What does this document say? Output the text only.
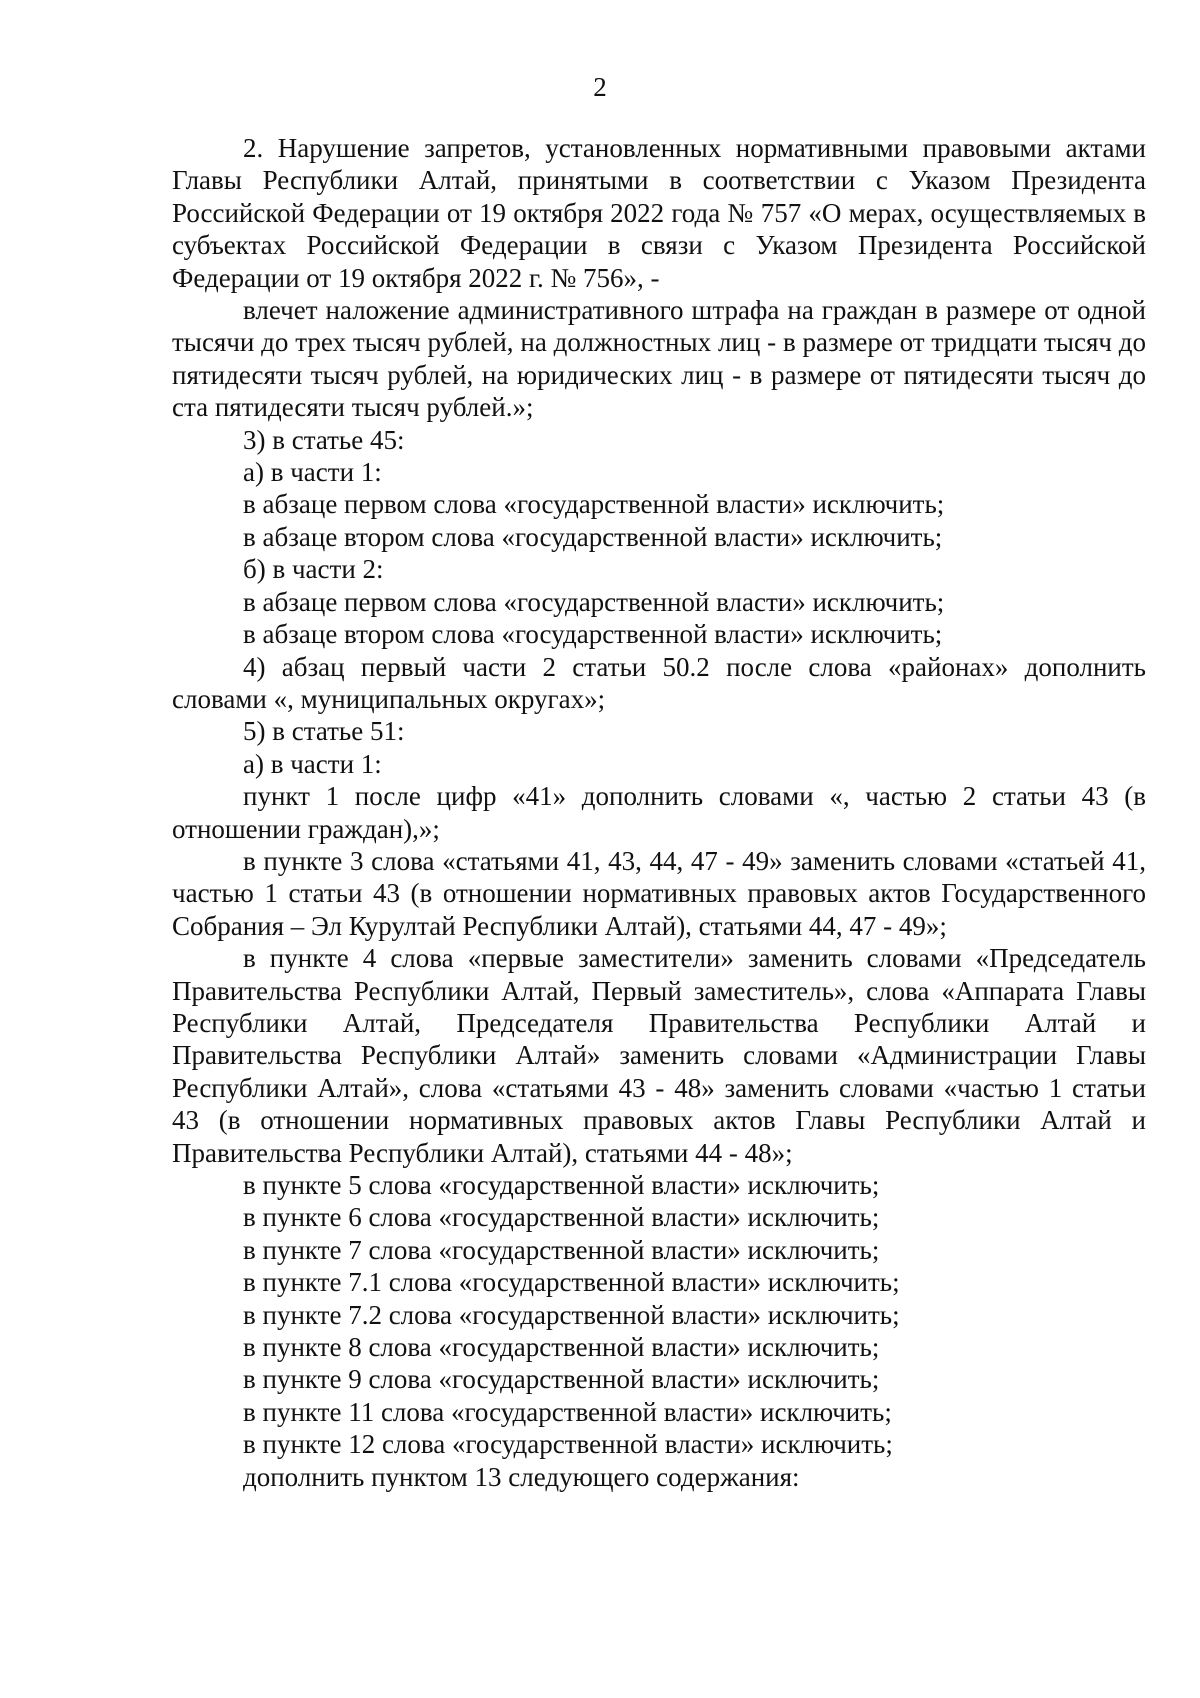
2

2. Нарушение запретов, установленных нормативными правовыми актами Главы Республики Алтай, принятыми в соответствии с Указом Президента Российской Федерации от 19 октября 2022 года № 757 «О мерах, осуществляемых в субъектах Российской Федерации в связи с Указом Президента Российской Федерации от 19 октября 2022 г. № 756», -

влечет наложение административного штрафа на граждан в размере от одной тысячи до трех тысяч рублей, на должностных лиц - в размере от тридцати тысяч до пятидесяти тысяч рублей, на юридических лиц - в размере от пятидесяти тысяч до ста пятидесяти тысяч рублей.»;

3) в статье 45:

а) в части 1:

в абзаце первом слова «государственной власти» исключить;

в абзаце втором слова «государственной власти» исключить;

б) в части 2:

в абзаце первом слова «государственной власти» исключить;

в абзаце втором слова «государственной власти» исключить;

4) абзац первый части 2 статьи 50.2 после слова «районах» дополнить словами «, муниципальных округах»;

5) в статье 51:

а) в части 1:

пункт 1 после цифр «41» дополнить словами «, частью 2 статьи 43 (в отношении граждан),»;

в пункте 3 слова «статьями 41, 43, 44, 47 - 49» заменить словами «статьей 41, частью 1 статьи 43 (в отношении нормативных правовых актов Государственного Собрания – Эл Курултай Республики Алтай), статьями 44, 47 - 49»;

в пункте 4 слова «первые заместители» заменить словами «Председатель Правительства Республики Алтай, Первый заместитель», слова «Аппарата Главы Республики Алтай, Председателя Правительства Республики Алтай и Правительства Республики Алтай» заменить словами «Администрации Главы Республики Алтай», слова «статьями 43 - 48» заменить словами «частью 1 статьи 43 (в отношении нормативных правовых актов Главы Республики Алтай и Правительства Республики Алтай), статьями 44 - 48»;

в пункте 5 слова «государственной власти» исключить;

в пункте 6 слова «государственной власти» исключить;

в пункте 7 слова «государственной власти» исключить;

в пункте 7.1 слова «государственной власти» исключить;

в пункте 7.2 слова «государственной власти» исключить;

в пункте 8 слова «государственной власти» исключить;

в пункте 9 слова «государственной власти» исключить;

в пункте 11 слова «государственной власти» исключить;

в пункте 12 слова «государственной власти» исключить;

дополнить пунктом 13 следующего содержания:
